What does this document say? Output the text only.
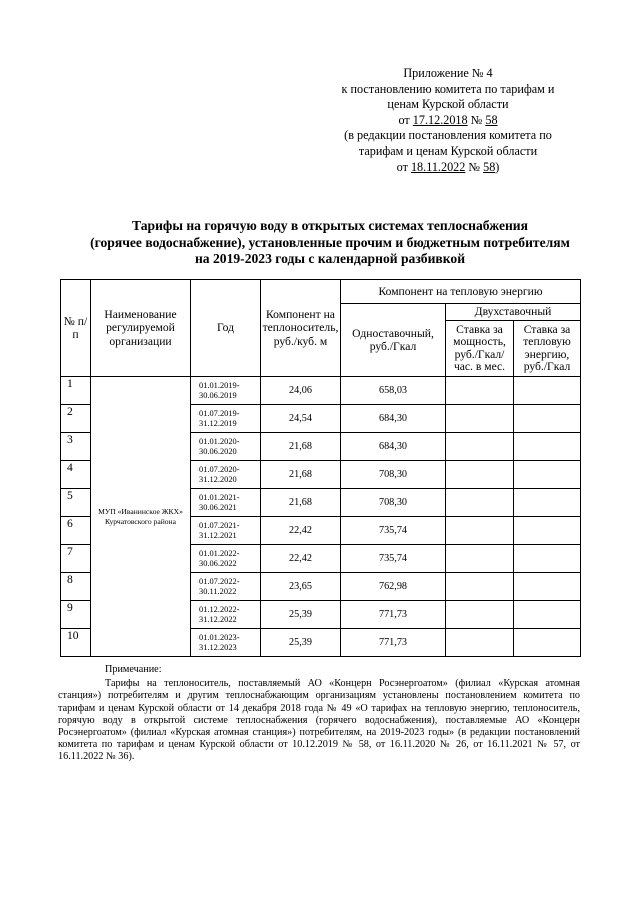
Приложение № 4
к постановлению комитета по тарифам и
ценам Курской области
от 17.12.2018 № 58
(в редакции постановления комитета по
тарифам и ценам Курской области
от 18.11.2022 № 58)
Тарифы на горячую воду в открытых системах теплоснабжения
(горячее водоснабжение), установленные прочим и бюджетным потребителям
на 2019-2023 годы с календарной разбивкой
№ п/п	Наименование регулируемой организации	Год	Компонент на теплоноситель, руб./куб. м	Компонент на тепловую энергию		
				Одноставочный, руб./Гкал	Двухставочный	
					Ставка за мощность, руб./Гкал/ час. в мес.	Ставка за тепловую энергию, руб./Гкал
1	МУП «Иванинское ЖКХ» Курчатовского района	01.01.2019-30.06.2019	24,06	658,03		
2		01.07.2019-31.12.2019	24,54	684,30		
3		01.01.2020-30.06.2020	21,68	684,30		
4		01.07.2020-31.12.2020	21,68	708,30		
5		01.01.2021-30.06.2021	21,68	708,30		
6		01.07.2021-31.12.2021	22,42	735,74		
7		01.01.2022-30.06.2022	22,42	735,74		
8		01.07.2022-30.11.2022	23,65	762,98		
9		01.12.2022-31.12.2022	25,39	771,73		
10		01.01.2023-31.12.2023	25,39	771,73		
Примечание:

Тарифы на теплоноситель, поставляемый АО «Концерн Росэнергоатом» (филиал «Курская атомная станция») потребителям и другим теплоснабжающим организациям установлены постановлением комитета по тарифам и ценам Курской области от 14 декабря 2018 года № 49 «О тарифах на тепловую энергию, теплоноситель, горячую воду в открытой системе теплоснабжения (горячего водоснабжения), поставляемые АО «Концерн Росэнергоатом» (филиал «Курская атомная станция») потребителям, на 2019-2023 годы» (в редакции постановлений комитета по тарифам и ценам Курской области от 10.12.2019 № 58, от 16.11.2020 № 26, от 16.11.2021 № 57, от 16.11.2022 № 36).
